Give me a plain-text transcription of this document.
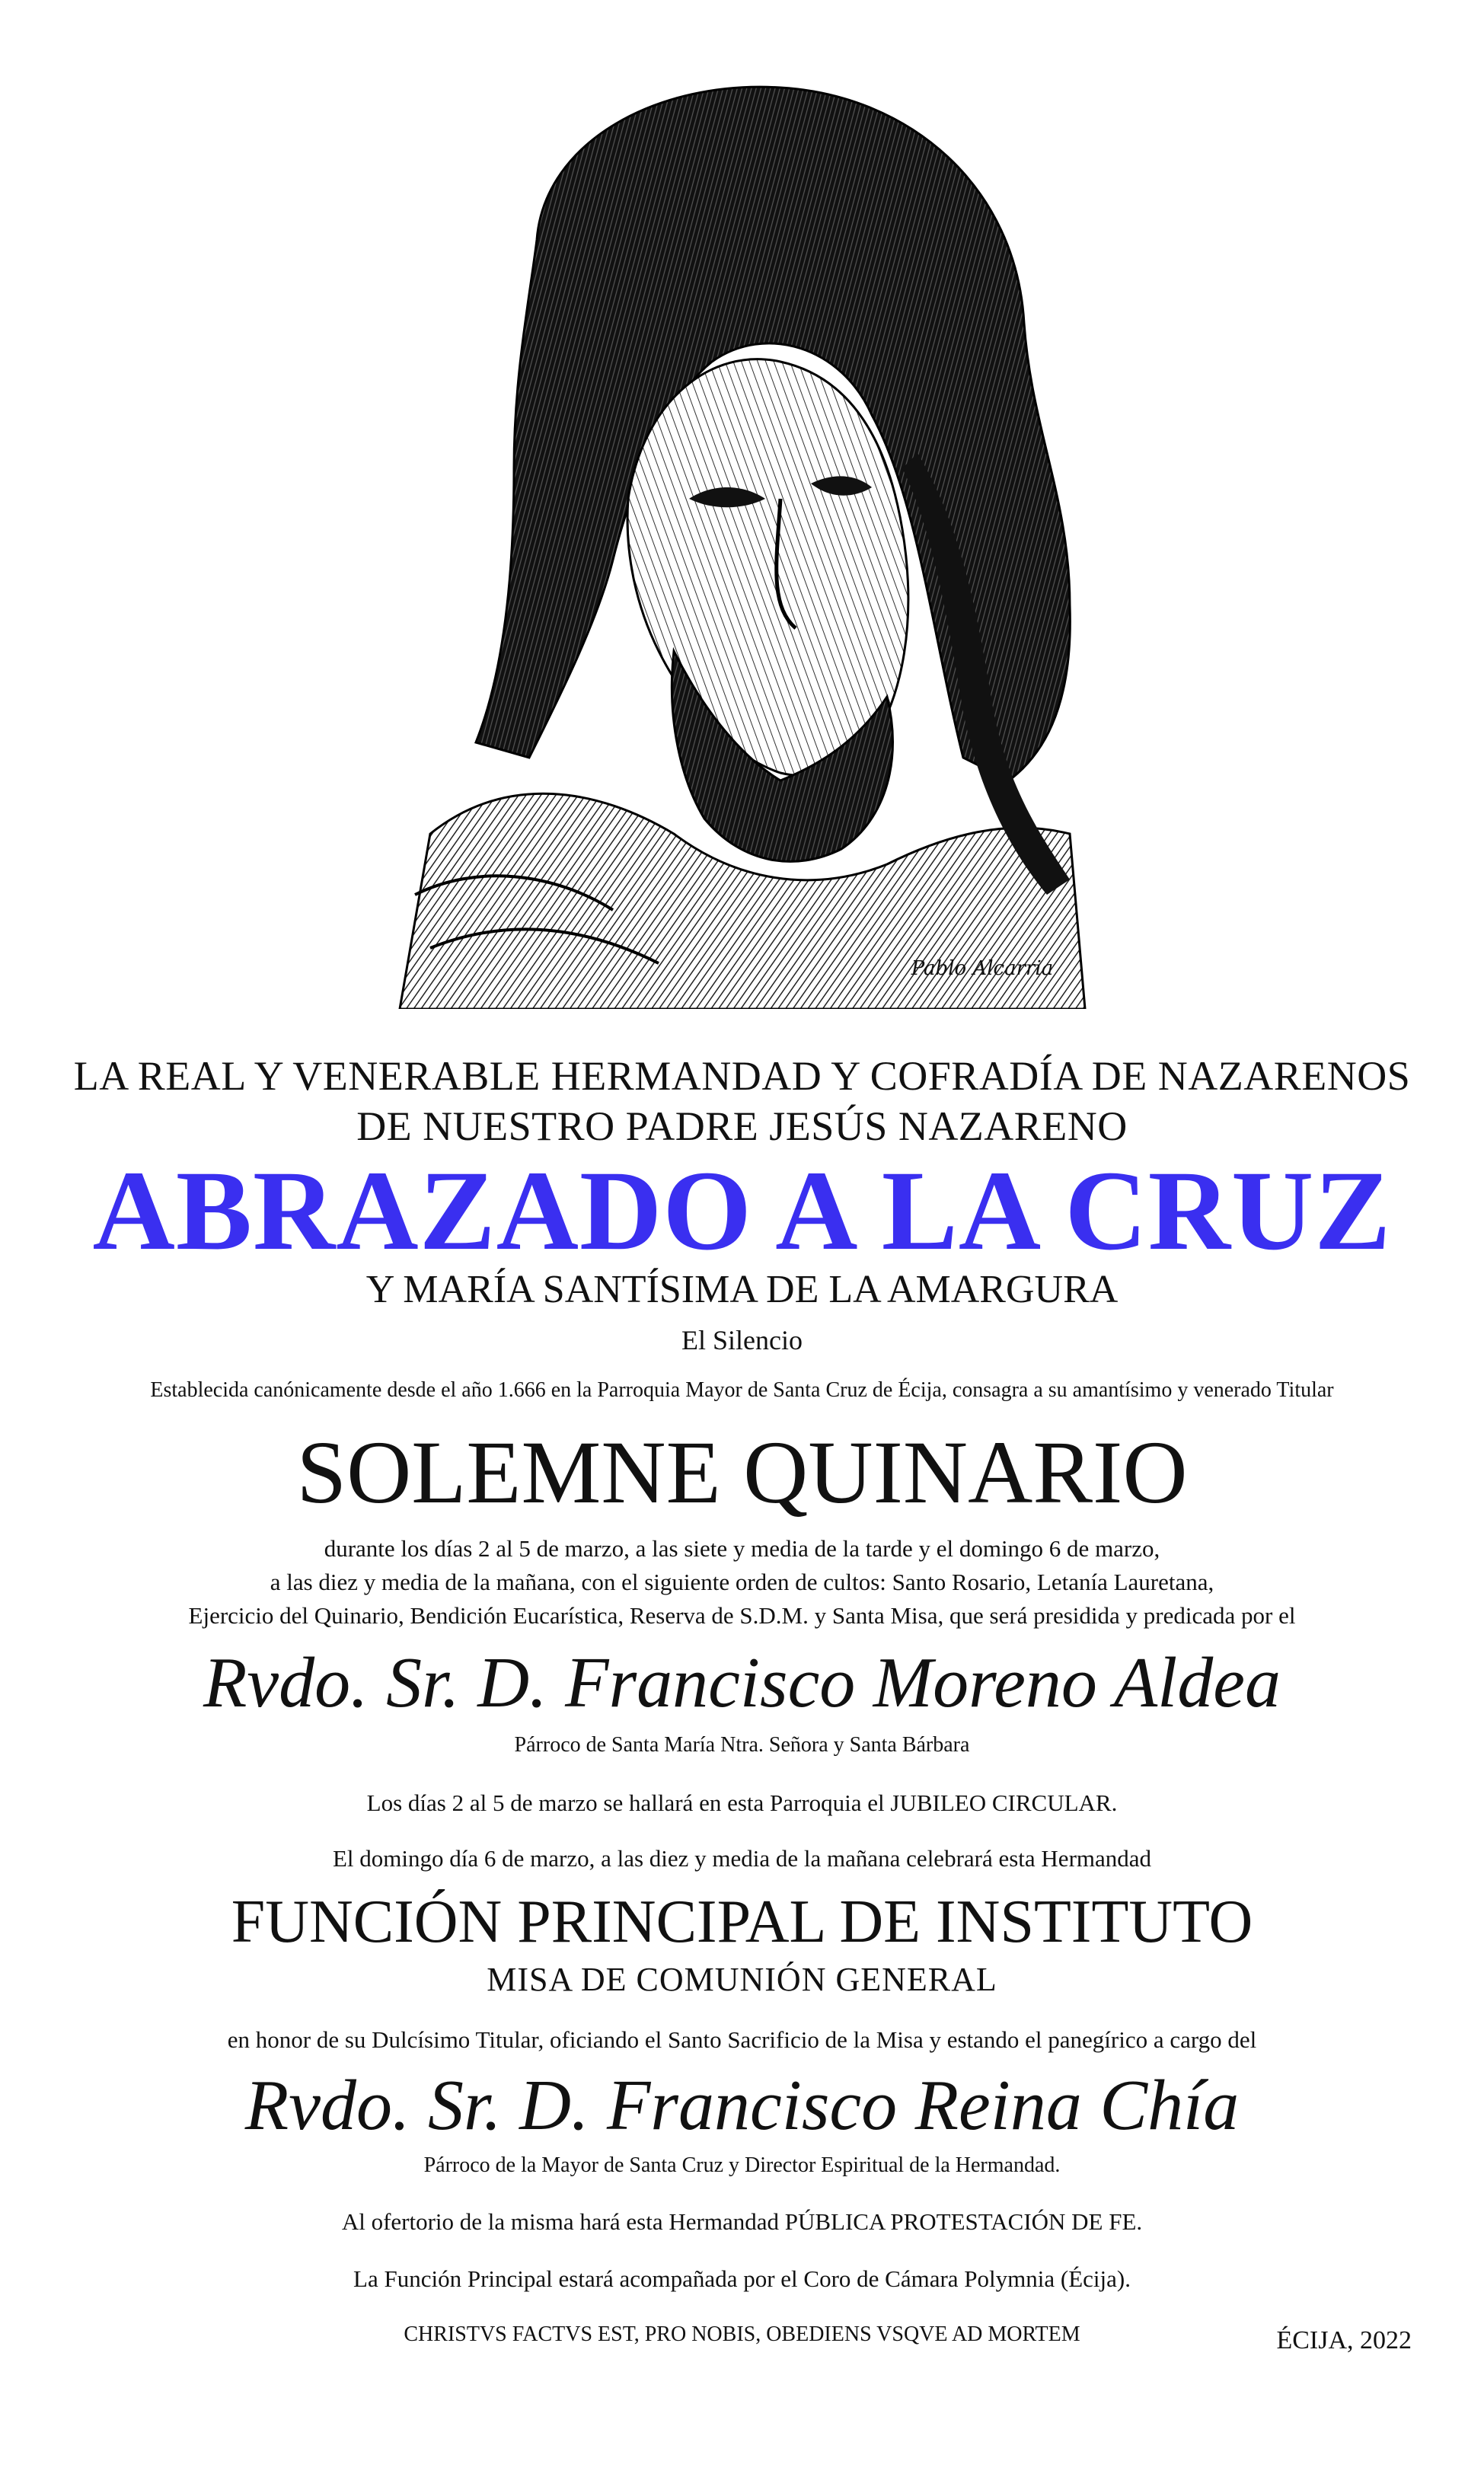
Pablo Alcarria
LA REAL Y VENERABLE HERMANDAD Y COFRADÍA DE NAZARENOS
DE NUESTRO PADRE JESÚS NAZARENO
ABRAZADO A LA CRUZ
Y MARÍA SANTÍSIMA DE LA AMARGURA
El Silencio
Establecida canónicamente desde el año 1.666 en la Parroquia Mayor de Santa Cruz de Écija, consagra a su amantísimo y venerado Titular
SOLEMNE QUINARIO
durante los días 2 al 5 de marzo, a las siete y media de la tarde y el domingo 6 de marzo,
a las diez y media de la mañana, con el siguiente orden de cultos: Santo Rosario, Letanía Lauretana,
Ejercicio del Quinario, Bendición Eucarística, Reserva de S.D.M. y Santa Misa, que será presidida y predicada por el
Rvdo. Sr. D. Francisco Moreno Aldea
Párroco de Santa María Ntra. Señora y Santa Bárbara
Los días 2 al 5 de marzo se hallará en esta Parroquia el JUBILEO CIRCULAR.
El domingo día 6 de marzo, a las diez y media de la mañana celebrará esta Hermandad
FUNCIÓN PRINCIPAL DE INSTITUTO
MISA DE COMUNIÓN GENERAL
en honor de su Dulcísimo Titular, oficiando el Santo Sacrificio de la Misa y estando el panegírico a cargo del
Rvdo. Sr. D. Francisco Reina Chía
Párroco de la Mayor de Santa Cruz y Director Espiritual de la Hermandad.
Al ofertorio de la misma hará esta Hermandad PÚBLICA PROTESTACIÓN DE FE.
La Función Principal estará acompañada por el Coro de Cámara Polymnia (Écija).
CHRISTVS FACTVS EST, PRO NOBIS, OBEDIENS VSQVE AD MORTEM	ÉCIJA, 2022
